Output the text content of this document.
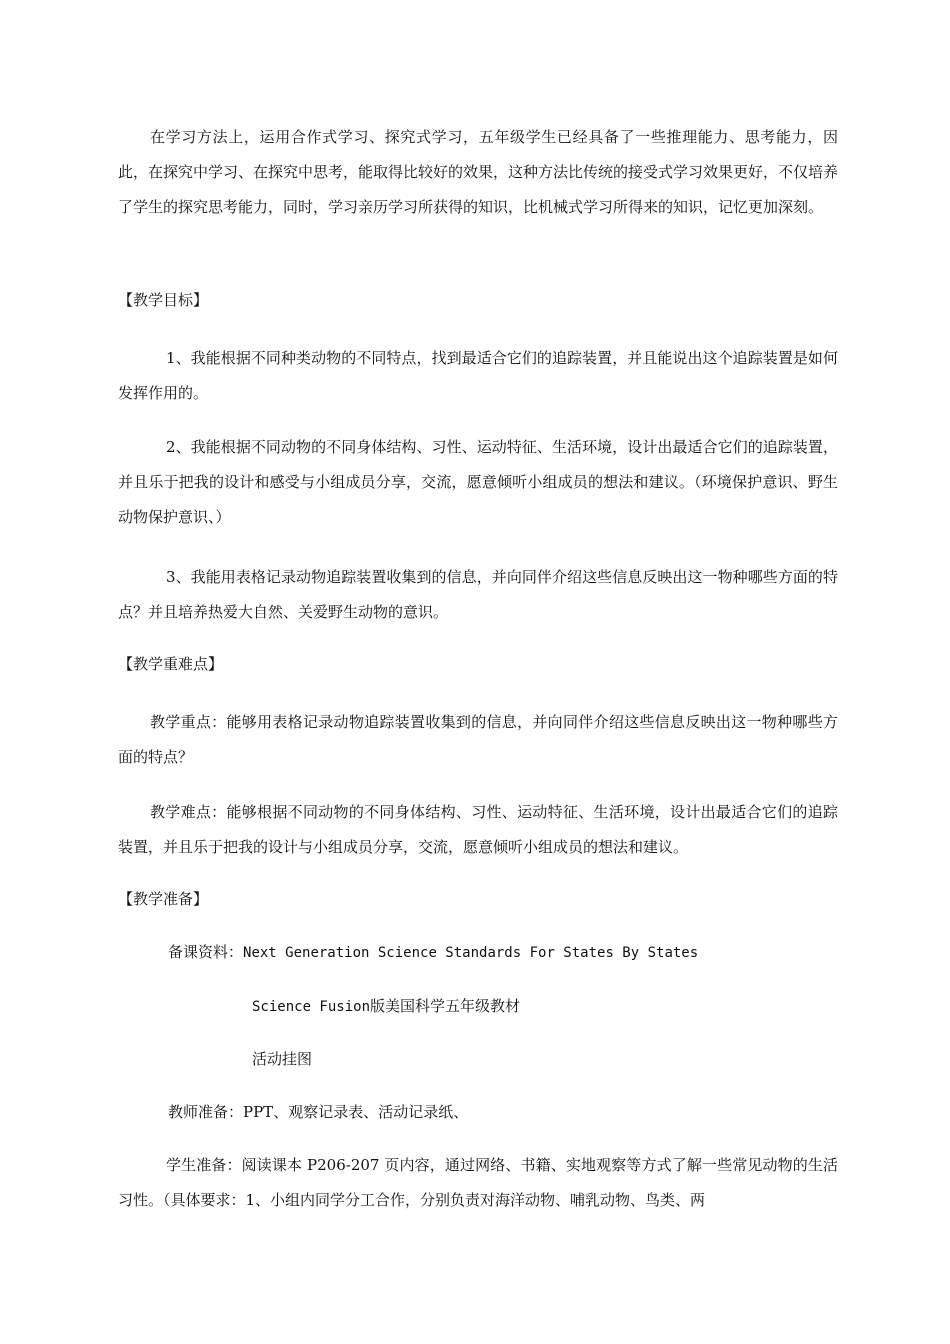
在学习方法上，运用合作式学习、探究式学习，五年级学生已经具备了一些推理能力、思考能力，因此，在探究中学习、在探究中思考，能取得比较好的效果，这种方法比传统的接受式学习效果更好，不仅培养了学生的探究思考能力，同时，学习亲历学习所获得的知识，比机械式学习所得来的知识，记忆更加深刻。

【教学目标】

1、我能根据不同种类动物的不同特点，找到最适合它们的追踪装置，并且能说出这个追踪装置是如何发挥作用的。

2、我能根据不同动物的不同身体结构、习性、运动特征、生活环境，设计出最适合它们的追踪装置，并且乐于把我的设计和感受与小组成员分享，交流，愿意倾听小组成员的想法和建议。（环境保护意识、野生动物保护意识、）

3、我能用表格记录动物追踪装置收集到的信息，并向同伴介绍这些信息反映出这一物种哪些方面的特点？并且培养热爱大自然、关爱野生动物的意识。

【教学重难点】

教学重点：能够用表格记录动物追踪装置收集到的信息，并向同伴介绍这些信息反映出这一物种哪些方面的特点？

教学难点：能够根据不同动物的不同身体结构、习性、运动特征、生活环境，设计出最适合它们的追踪装置，并且乐于把我的设计与小组成员分享，交流，愿意倾听小组成员的想法和建议。

【教学准备】

备课资料：Next Generation Science Standards For States By States

Science Fusion版美国科学五年级教材

活动挂图

教师准备：PPT、观察记录表、活动记录纸、

学生准备：阅读课本 P206-207 页内容，通过网络、书籍、实地观察等方式了解一些常见动物的生活习性。（具体要求：1、小组内同学分工合作，分别负责对海洋动物、哺乳动物、鸟类、两
